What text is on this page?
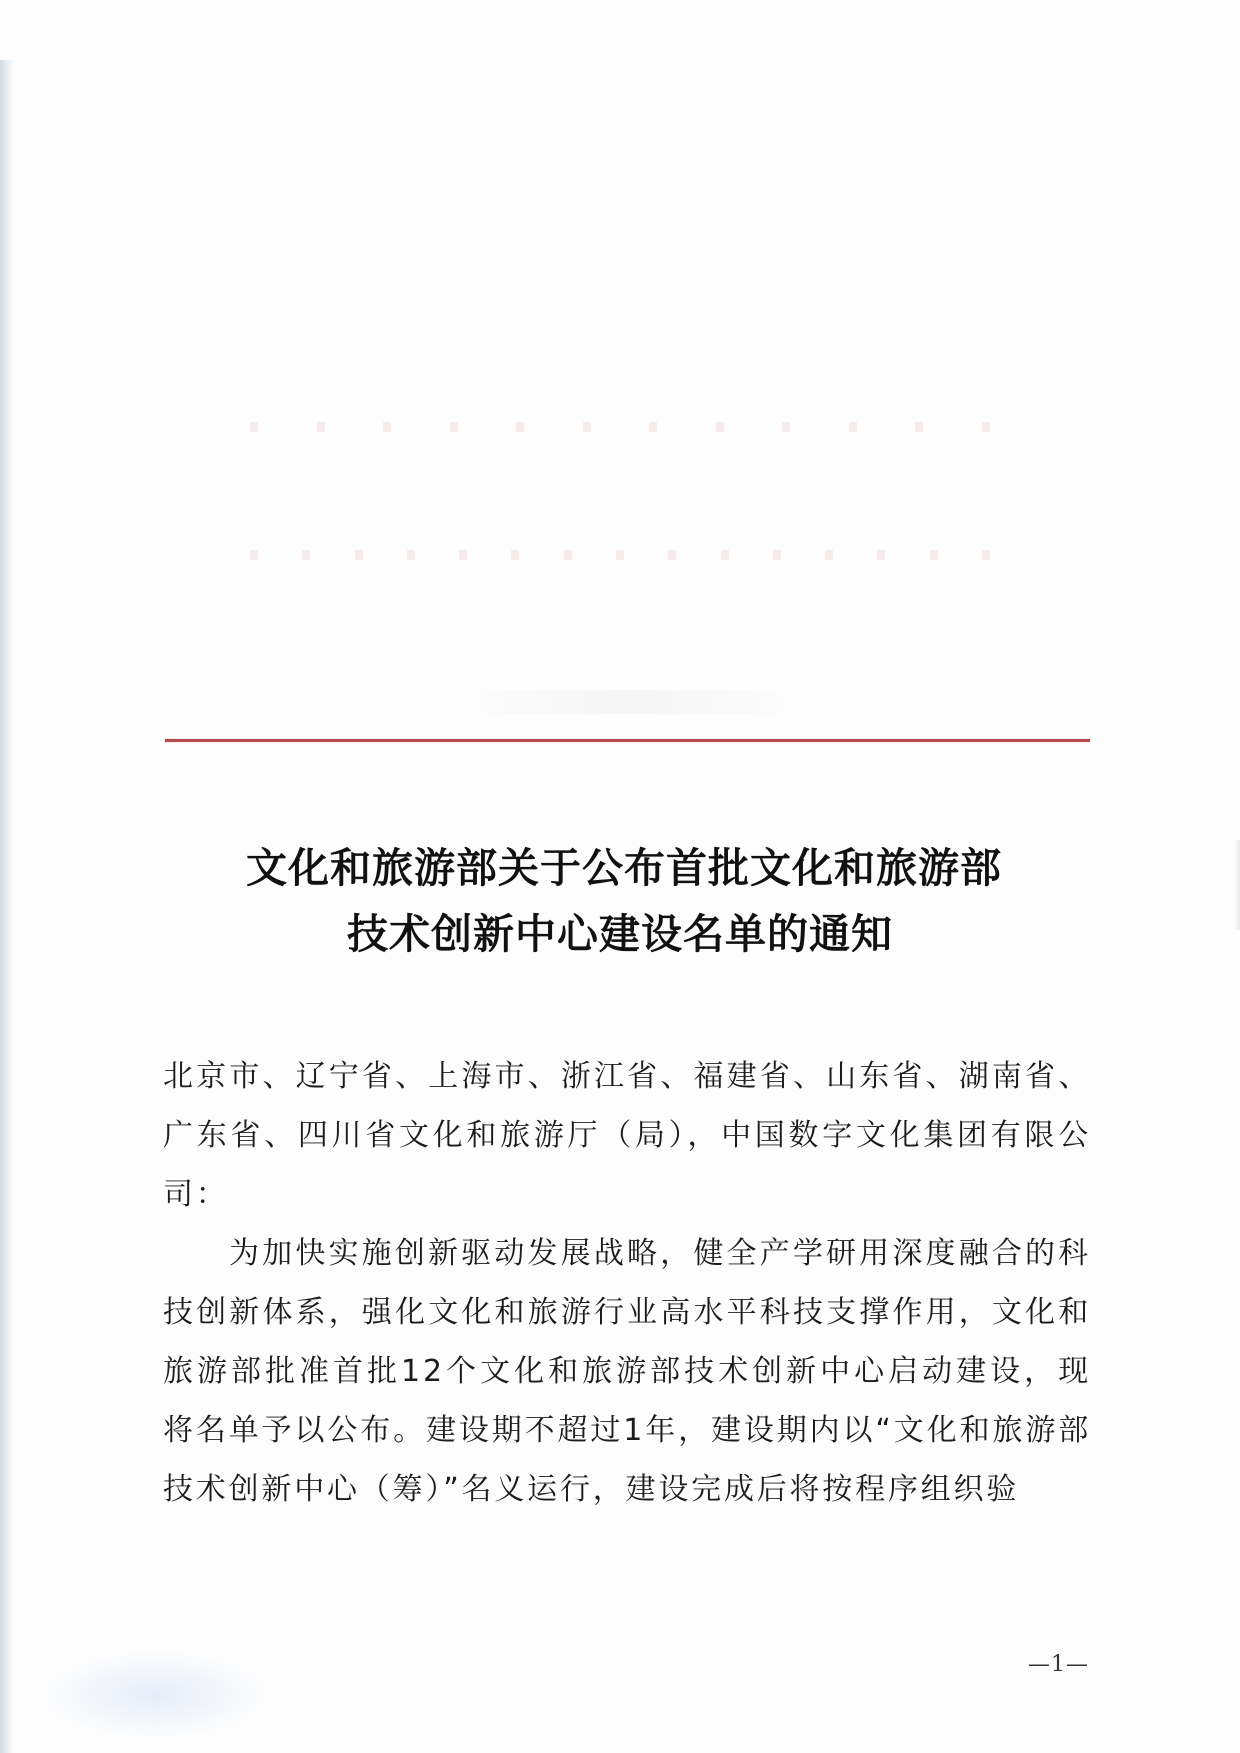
文化和旅游部关于公布首批文化和旅游部
技术创新中心建设名单的通知
北京市、辽宁省、上海市、浙江省、福建省、山东省、湖南省、广东省、四川省文化和旅游厅（局），中国数字文化集团有限公司：
为加快实施创新驱动发展战略，健全产学研用深度融合的科技创新体系，强化文化和旅游行业高水平科技支撑作用，文化和旅游部批准首批12个文化和旅游部技术创新中心启动建设，现将名单予以公布。建设期不超过1年，建设期内以“文化和旅游部技术创新中心（筹）”名义运行，建设完成后将按程序组织验
—1—
